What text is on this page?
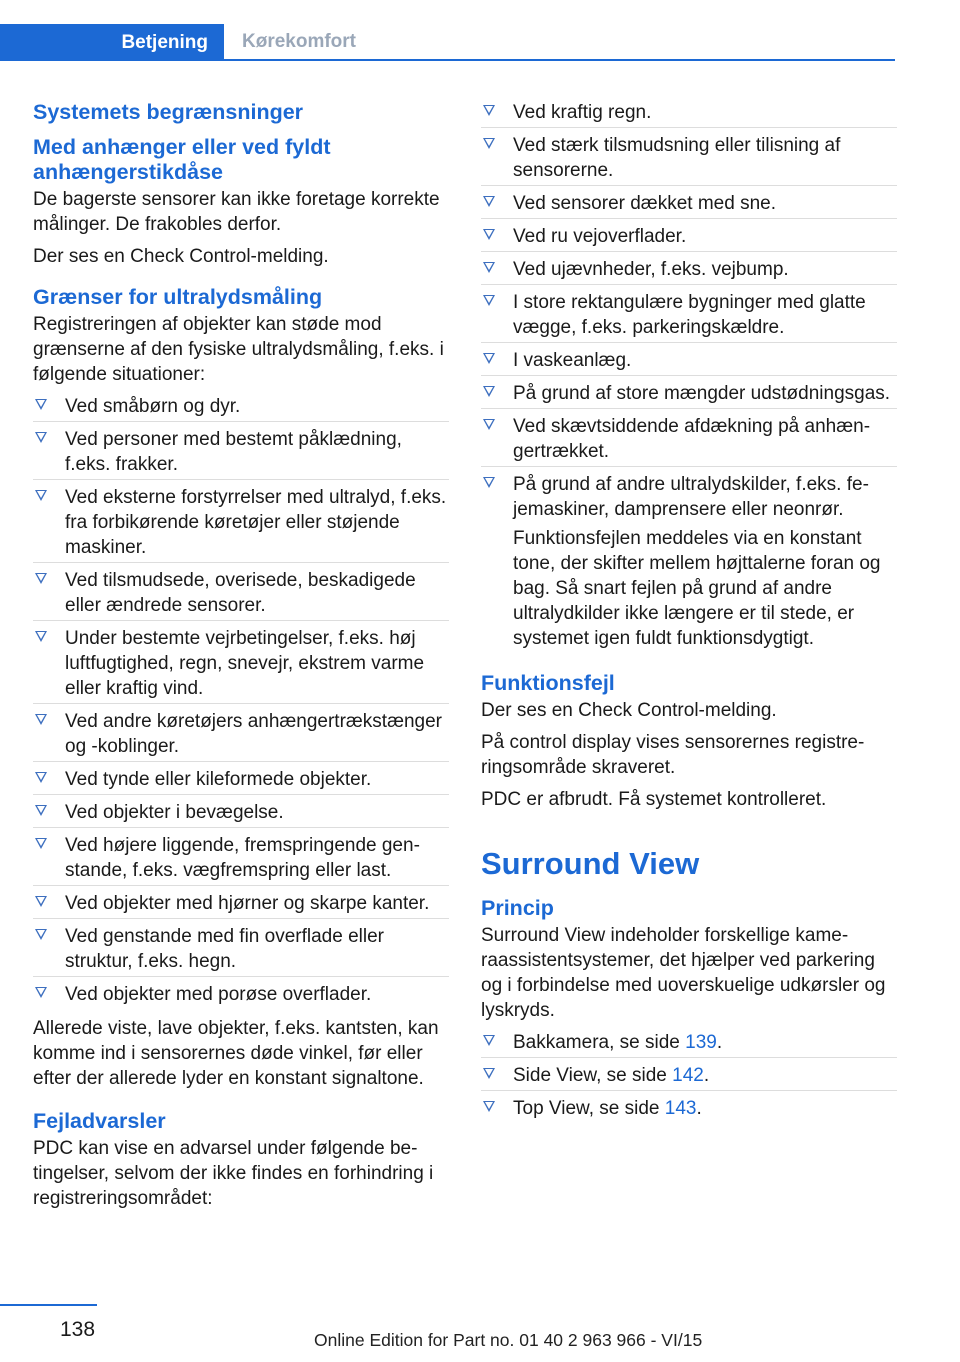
Betjening Kørekomfort
Systemets begrænsninger
Med anhænger eller ved fyldt anhængerstikdåse

De bagerste sensorer kan ikke foretage korrekte målinger. De frakobles derfor.

Der ses en Check Control-melding.

Grænser for ultralydsmåling

Registreringen af objekter kan støde mod grænserne af den fysiske ultralydsmåling, f.eks. i følgende situationer:

Ved småbørn og dyr.
Ved personer med bestemt påklædning, f.eks. frakker.
Ved eksterne forstyrrelser med ultralyd, f.eks. fra forbikørende køretøjer eller støjende maskiner.
Ved tilsmudsede, overisede, beskadigede eller ændrede sensorer.
Under bestemte vejrbetingelser, f.eks. høj luftfugtighed, regn, snevejr, ekstrem varme eller kraftig vind.
Ved andre køretøjers anhængertrækstænger og -koblinger.
Ved tynde eller kileformede objekter.
Ved objekter i bevægelse.
Ved højere liggende, fremspringende genstande, f.eks. vægfremspring eller last.
Ved objekter med hjørner og skarpe kanter.
Ved genstande med fin overflade eller struktur, f.eks. hegn.
Ved objekter med porøse overflader.

Allerede viste, lave objekter, f.eks. kantsten, kan komme ind i sensorernes døde vinkel, før eller efter der allerede lyder en konstant signaltone.

Fejladvarsler

PDC kan vise en advarsel under følgende betingelser, selvom der ikke findes en forhindring i registreringsområdet:

Ved kraftig regn.
Ved stærk tilsmudsning eller tilisning af sensorerne.
Ved sensorer dækket med sne.
Ved ru vejoverflader.
Ved ujævnheder, f.eks. vejbump.
I store rektangulære bygninger med glatte vægge, f.eks. parkeringskældre.
I vaskeanlæg.
På grund af store mængder udstødningsgas.
Ved skævtsiddende afdækning på anhængertrækket.
På grund af andre ultralydskilder, f.eks. fejemaskiner, damprensere eller neonrør.
Funktionsfejlen meddeles via en konstant tone, der skifter mellem højttalerne foran og bag. Så snart fejlen på grund af andre ultralydkilder ikke længere er til stede, er systemet igen fuldt funktionsdygtigt.
Funktionsfejl

Der ses en Check Control-melding.

På control display vises sensorernes registreringsområde skraveret.

PDC er afbrudt. Få systemet kontrolleret.

Surround View
Princip

Surround View indeholder forskellige kameraassistentsystemer, det hjælper ved parkering og i forbindelse med uoverskuelige udkørsler og lyskryds.

Bakkamera, se side 139.
Side View, se side 142.
Top View, se side 143.
138	Online Edition for Part no. 01 40 2 963 966 - VI/15
